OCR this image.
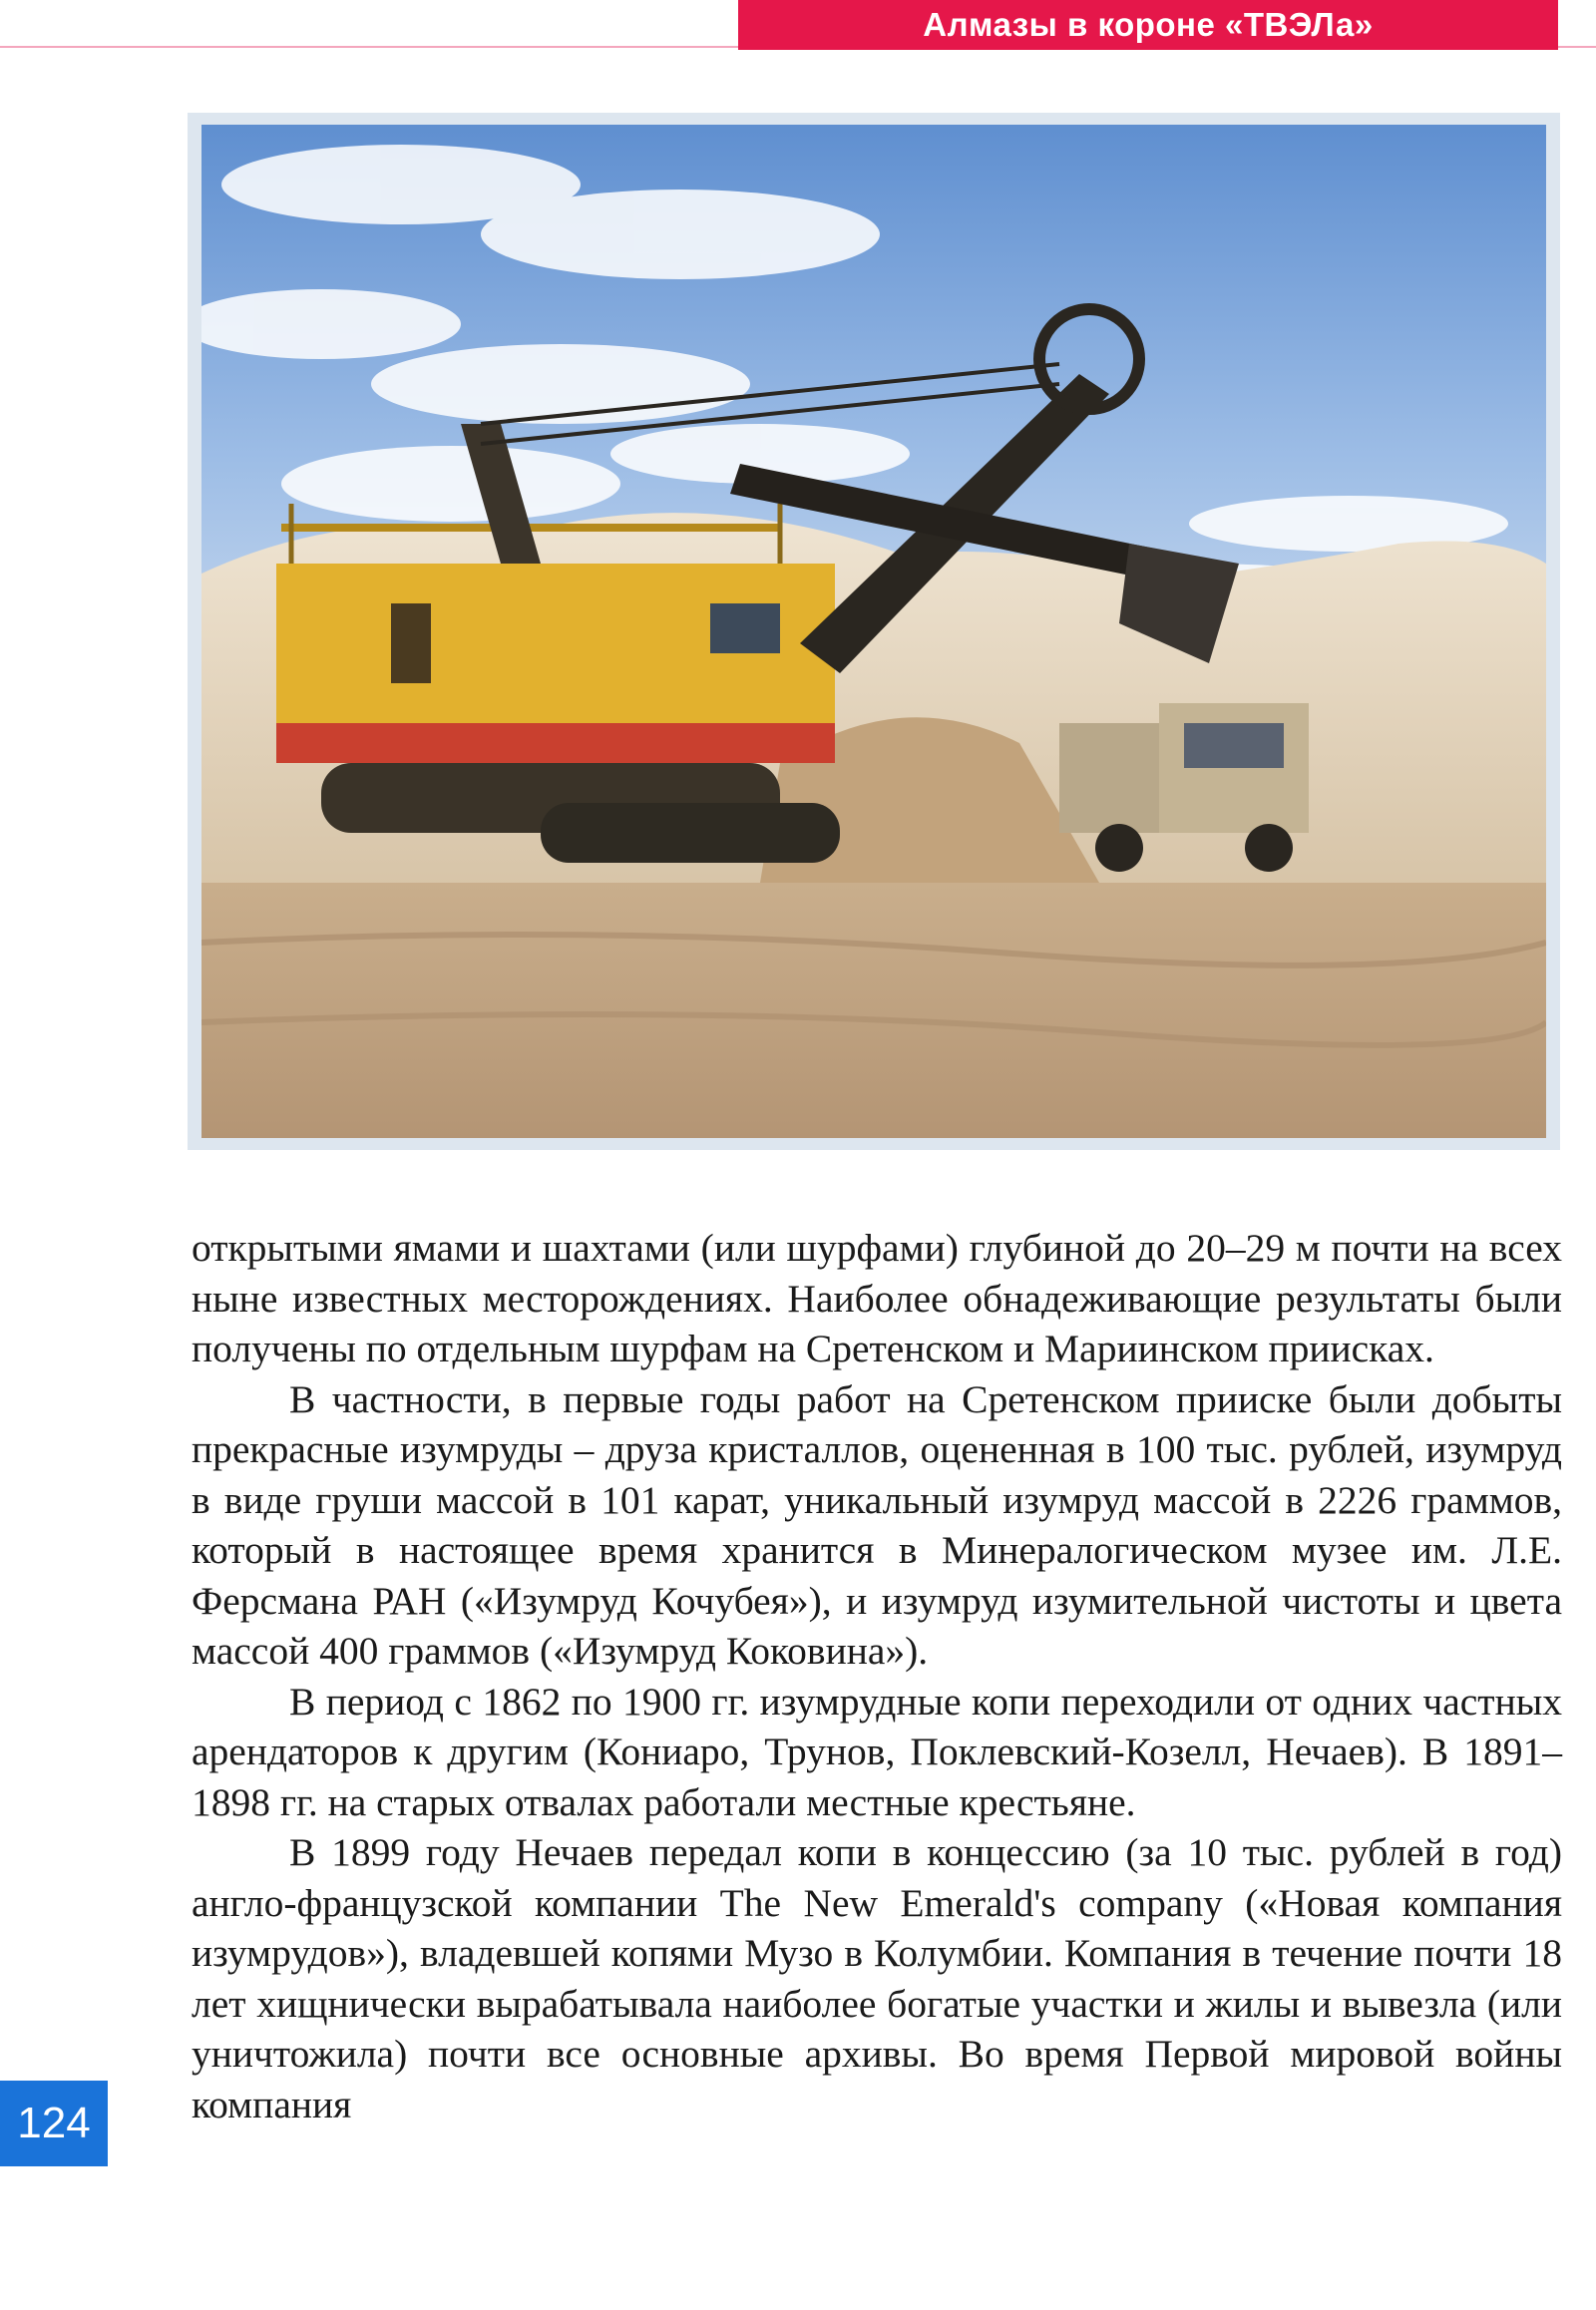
Алмазы в короне «ТВЭЛа»

открытыми ямами и шахтами (или шурфами) глубиной до 20–29 м почти на всех ныне известных месторождениях. Наиболее обнадеживающие результаты были получены по отдельным шурфам на Сретенском и Мариинском приисках.

В частности, в первые годы работ на Сретенском прииске были добыты прекрасные изумруды – друза кристаллов, оцененная в 100 тыс. рублей, изумруд в виде груши массой в 101 карат, уникальный изумруд массой в 2226 граммов, который в настоящее время хранится в Минералогическом музее им. Л.Е. Ферсмана РАН («Изумруд Кочубея»), и изумруд изумительной чистоты и цвета массой 400 граммов («Изумруд Коковина»).

В период с 1862 по 1900 гг. изумрудные копи переходили от одних частных арендаторов к другим (Кониаро, Трунов, Поклевский-Козелл, Нечаев). В 1891–1898 гг. на старых отвалах работали местные крестьяне.

В 1899 году Нечаев передал копи в концессию (за 10 тыс. рублей в год) англо-французской компании The New Emerald's company («Новая компания изумрудов»), владевшей копями Музо в Колумбии. Компания в течение почти 18 лет хищнически вырабатывала наиболее богатые участки и жилы и вывезла (или уничтожила) почти все основные архивы. Во время Первой мировой войны компания

124
